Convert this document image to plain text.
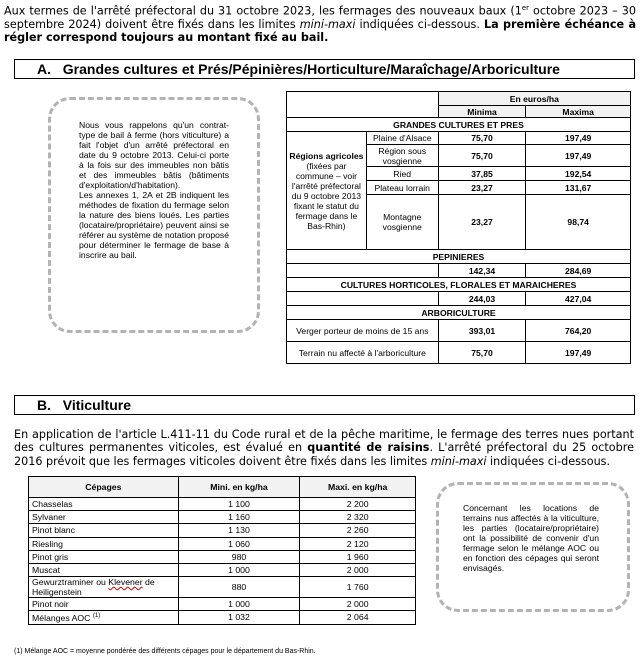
Aux termes de l'arrêté préfectoral du 31 octobre 2023, les fermages des nouveaux baux (1er octobre 2023 – 30 septembre 2024) doivent être fixés dans les limites mini-maxi indiquées ci-dessous. La première échéance à régler correspond toujours au montant fixé au bail.
A. Grandes cultures et Prés/Pépinières/Horticulture/Maraîchage/Arboriculture

Nous vous rappelons qu'un contrat-type de bail à ferme (hors viticulture) a fait l'objet d'un arrêté préfectoral en date du 9 octobre 2013. Celui-ci porte à la fois sur des immeubles non bâtis et des immeubles bâtis (bâtiments d'exploitation/d'habitation).

Les annexes 1, 2A et 2B indiquent les méthodes de fixation du fermage selon la nature des biens loués. Les parties (locataire/propriétaire) peuvent ainsi se référer au système de notation proposé pour déterminer le fermage de base à inscrire au bail.

		En euros/ha	
		Minima	Maxima
GRANDES CULTURES ET PRES			
Régions agricoles
(fixées par commune – voir l'arrêté préfectoral du 9 octobre 2013 fixant le statut du fermage dans le Bas-Rhin)	Plaine d'Alsace	75,70	197,49
	Région sous vosgienne	75,70	197,49
	Ried	37,85	192,54
	Plateau lorrain	23,27	131,67
	Montagne vosgienne	23,27	98,74
PEPINIERES			
		142,34	284,69
CULTURES HORTICOLES, FLORALES ET MARAICHERES			
		244,03	427,04
ARBORICULTURE			
Verger porteur de moins de 15 ans		393,01	764,20
Terrain nu affecté à l'arboriculture		75,70	197,49
B. Viticulture
En application de l'article L.411-11 du Code rural et de la pêche maritime, le fermage des terres nues portant des cultures permanentes viticoles, est évalué en quantité de raisins. L'arrêté préfectoral du 25 octobre 2016 prévoit que les fermages viticoles doivent être fixés dans les limites mini-maxi indiquées ci-dessous.
Cépages	Mini. en kg/ha	Maxi. en kg/ha
Chasselas	1 100	2 200
Sylvaner	1 160	2 320
Pinot blanc	1 130	2 260
Riesling	1 060	2 120
Pinot gris	980	1 960
Muscat	1 000	2 000
Gewurztraminer ou Klevener de Heiligenstein	880	1 760
Pinot noir	1 000	2 000
Mélanges AOC $^{(1)}$	1 032	2 064

Concernant les locations de terrains nus affectés à la viticulture, les parties (locataire/propriétaire) ont la possibilité de convenir d'un fermage selon le mélange AOC ou en fonction des cépages qui seront envisagés.

(1) Mélange AOC = moyenne pondérée des différents cépages pour le département du Bas-Rhin.
